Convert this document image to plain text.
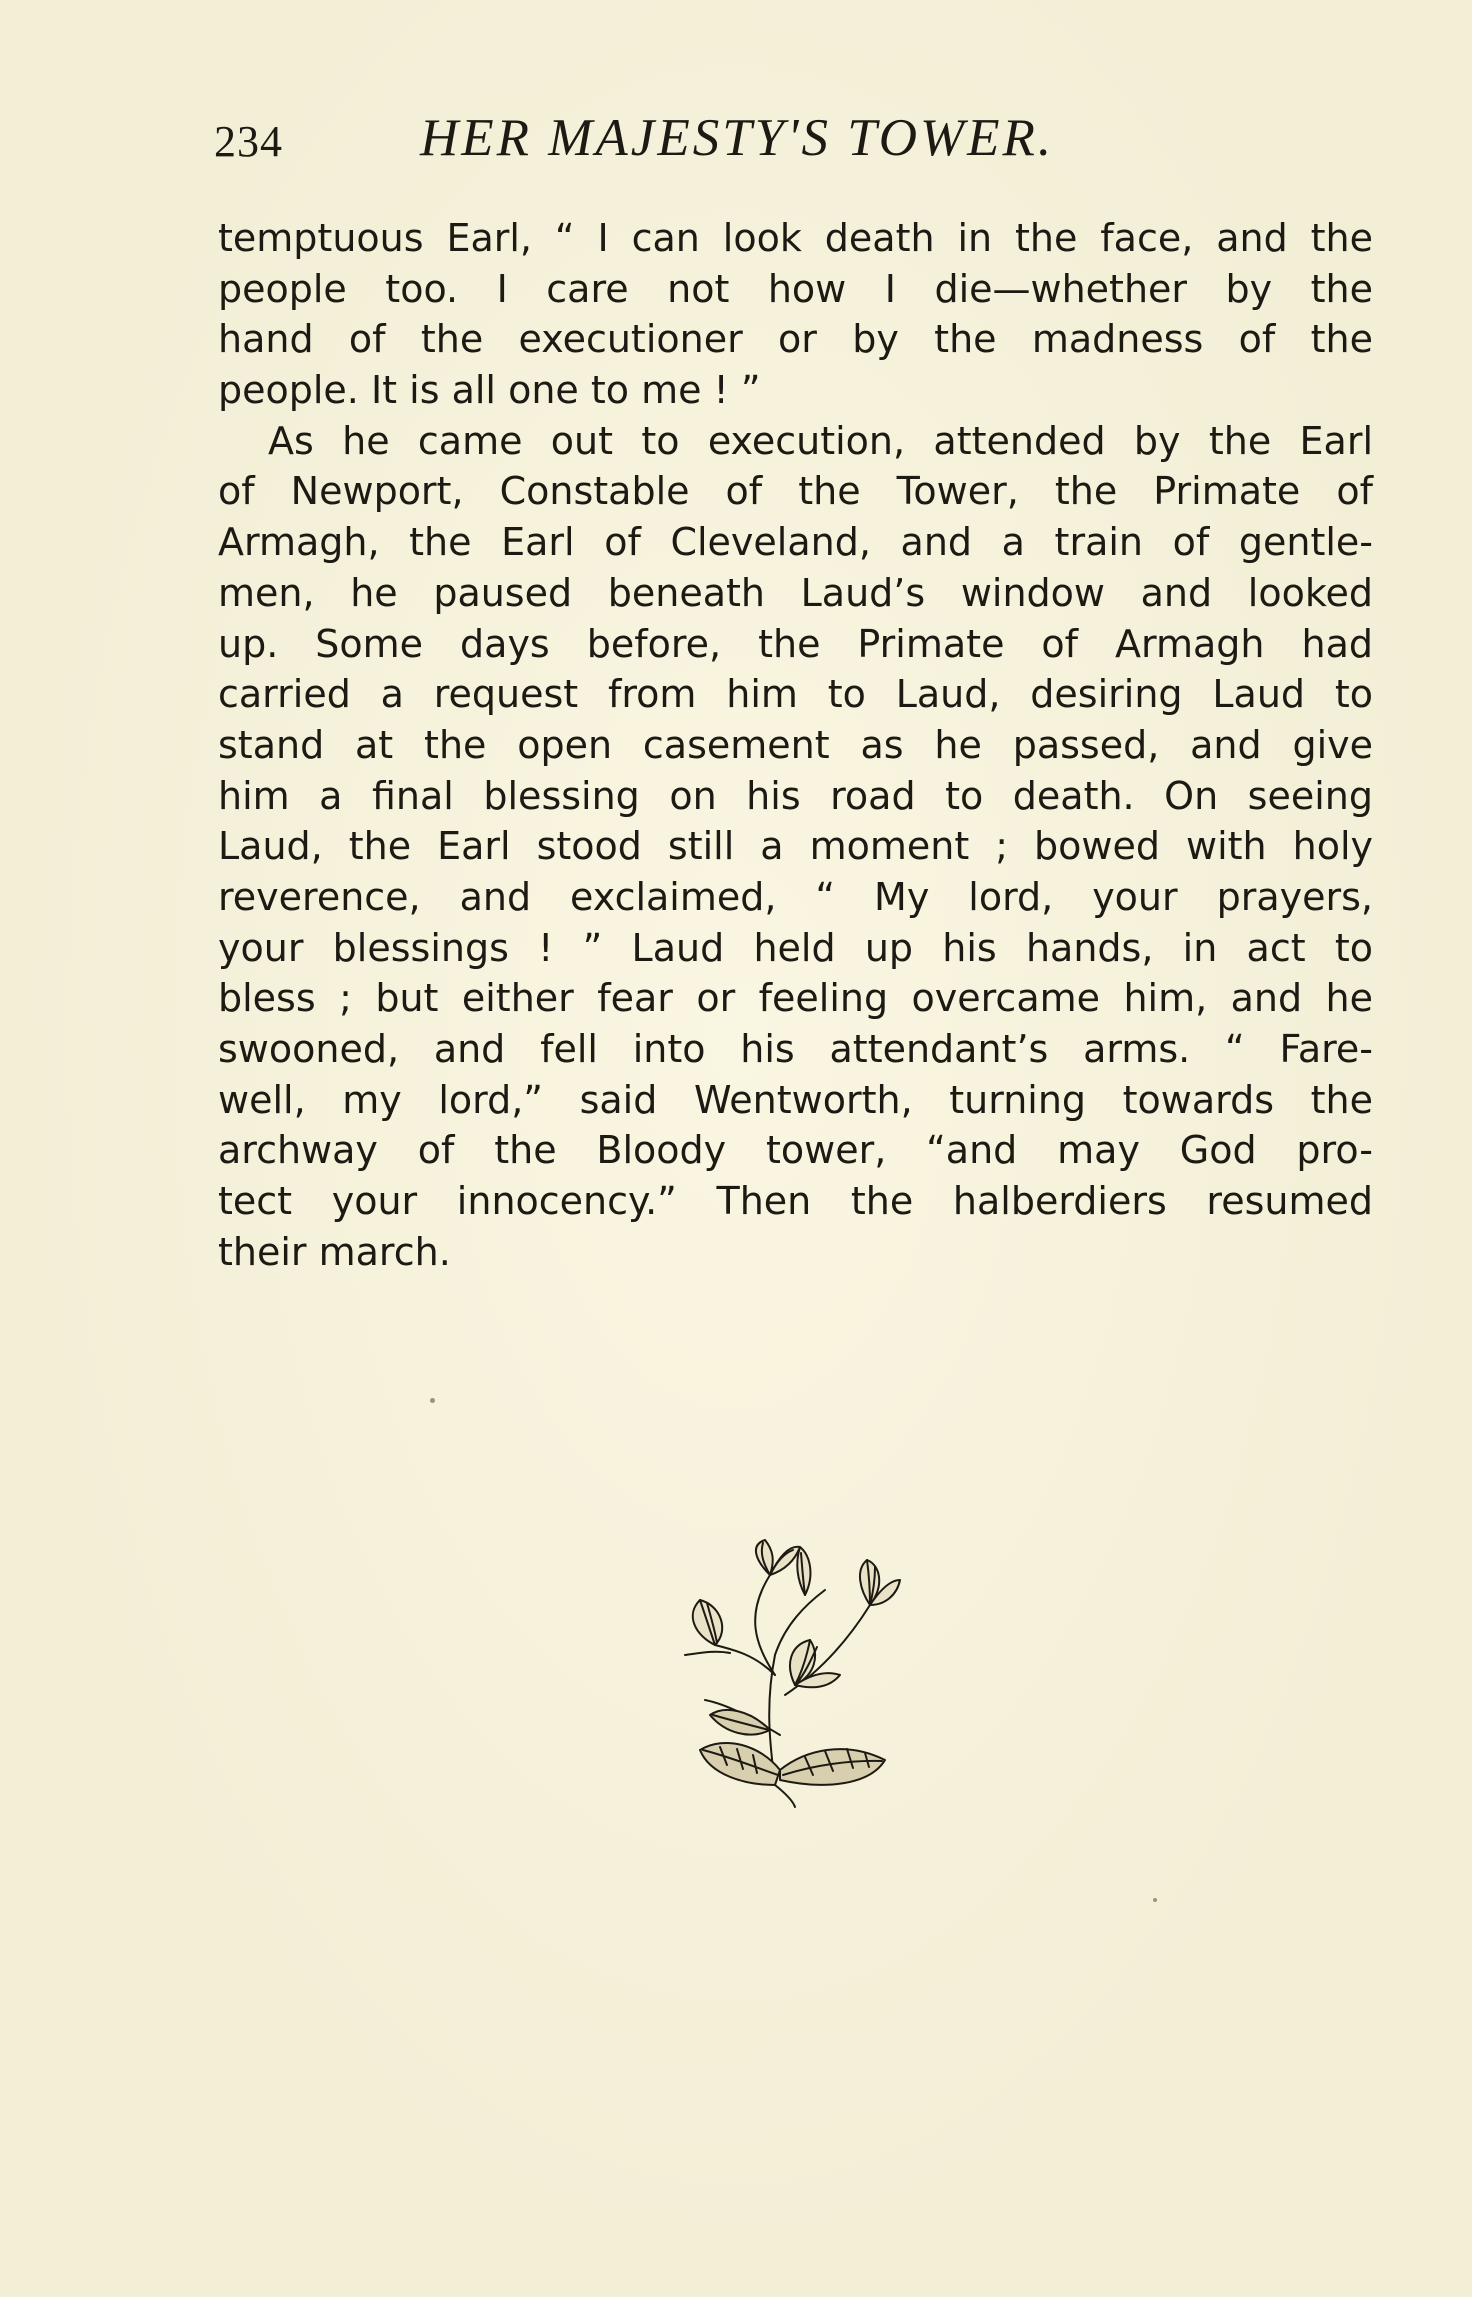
234	HER MAJESTY'S TOWER.
temptuous Earl, “ I can look death in the face, and the
people too. I care not how I die—whether by the
hand of the executioner or by the madness of the
people. It is all one to me ! ”
As he came out to execution, attended by the Earl
of Newport, Constable of the Tower, the Primate of
Armagh, the Earl of Cleveland, and a train of gentle-
men, he paused beneath Laud’s window and looked
up. Some days before, the Primate of Armagh had
carried a request from him to Laud, desiring Laud to
stand at the open casement as he passed, and give
him a final blessing on his road to death. On seeing
Laud, the Earl stood still a moment ; bowed with holy
reverence, and exclaimed, “ My lord, your prayers,
your blessings ! ” Laud held up his hands, in act to
bless ; but either fear or feeling overcame him, and he
swooned, and fell into his attendant’s arms. “ Fare-
well, my lord,” said Wentworth, turning towards the
archway of the Bloody tower, “and may God pro-
tect your innocency.” Then the halberdiers resumed
their march.
